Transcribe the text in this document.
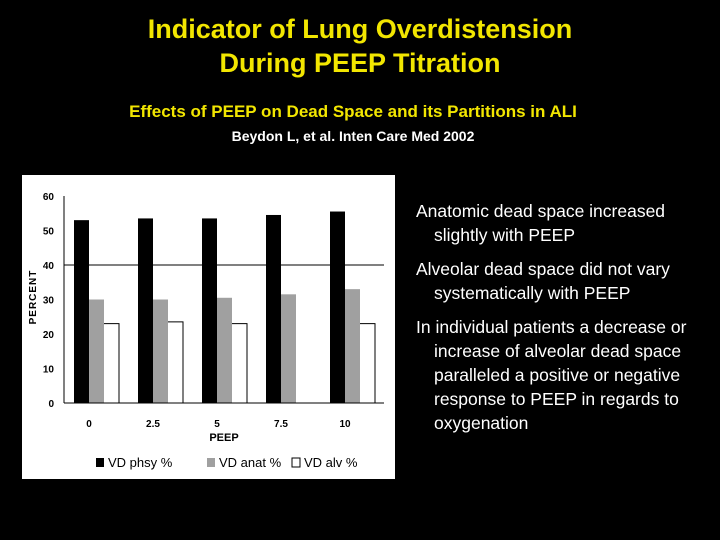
Indicator of Lung Overdistension
During PEEP Titration
Effects of PEEP on Dead Space and its Partitions in ALI
Beydon L, et al. Inten Care Med 2002
0
10
20
30
40
50
60
0	2.5	5	7.5	10
PEEP
PERCENT
VD phsy %	VD anat % VD alv %
Anatomic dead space increased slightly with PEEP
Alveolar dead space did not vary systematically with PEEP
In individual patients a decrease or increase of alveolar dead space paralleled a positive or negative response to PEEP in regards to oxygenation
